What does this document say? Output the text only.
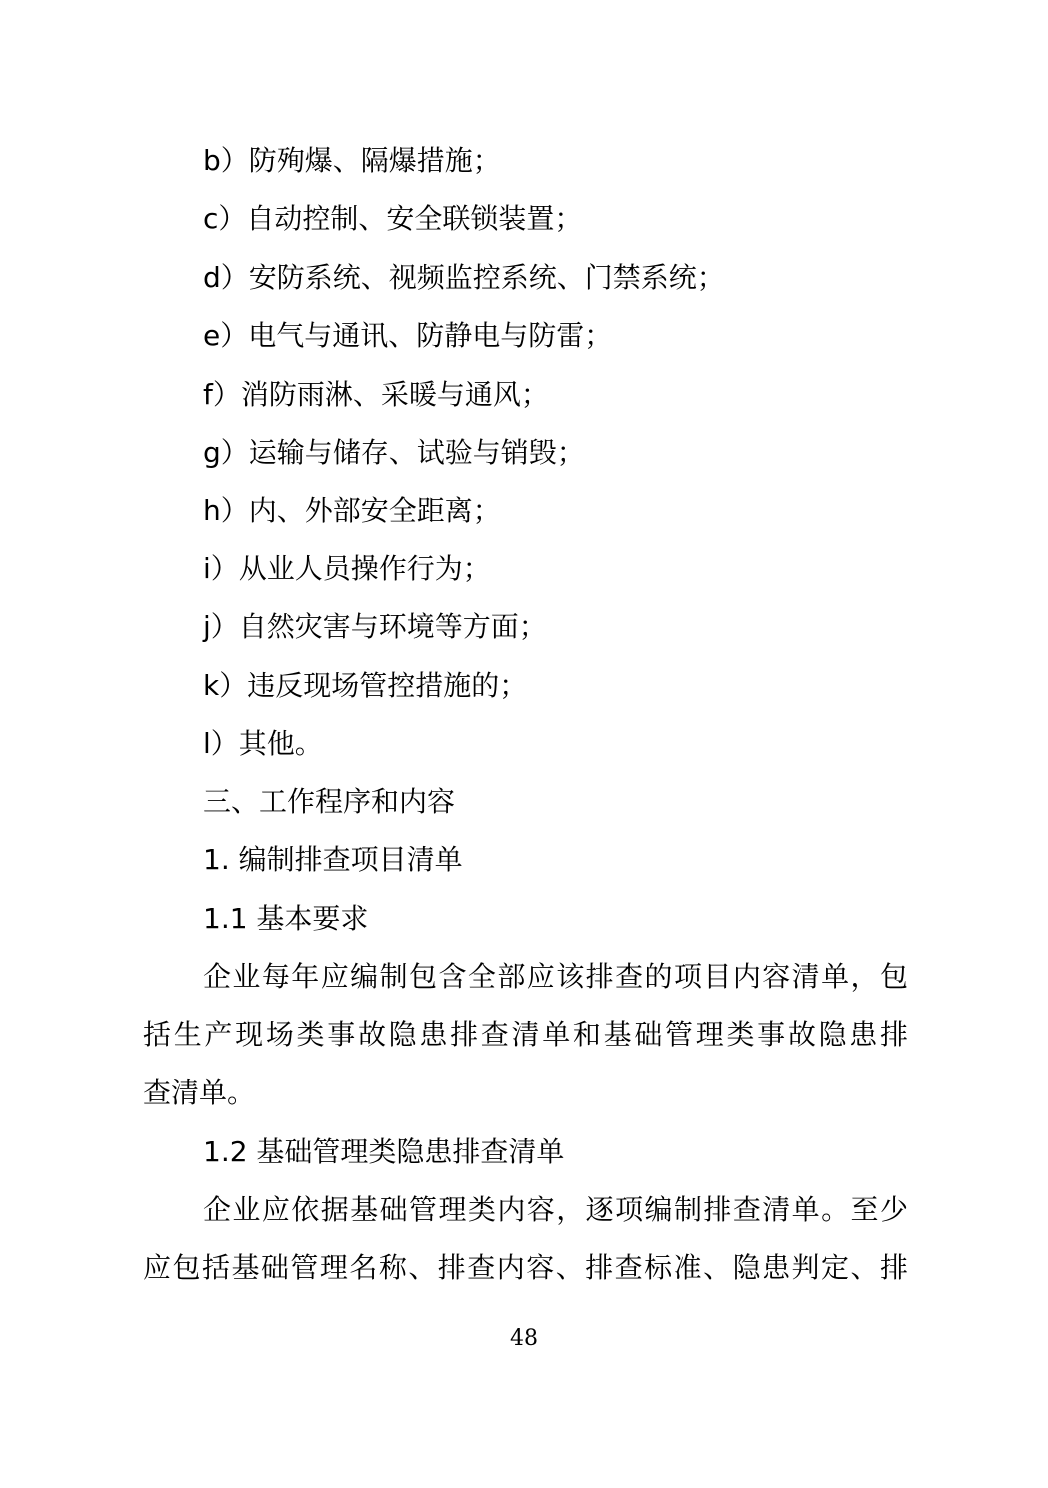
b）防殉爆、隔爆措施；
c）自动控制、安全联锁装置；
d）安防系统、视频监控系统、门禁系统；
e）电气与通讯、防静电与防雷；
f）消防雨淋、采暖与通风；
g）运输与储存、试验与销毁；
h）内、外部安全距离；
i）从业人员操作行为；
j）自然灾害与环境等方面；
k）违反现场管控措施的；
l）其他。
三、工作程序和内容
1. 编制排查项目清单
1.1 基本要求
企业每年应编制包含全部应该排查的项目内容清单，包
括生产现场类事故隐患排查清单和基础管理类事故隐患排
查清单。
1.2 基础管理类隐患排查清单
企业应依据基础管理类内容，逐项编制排查清单。至少
应包括基础管理名称、排查内容、排查标准、隐患判定、排
48
